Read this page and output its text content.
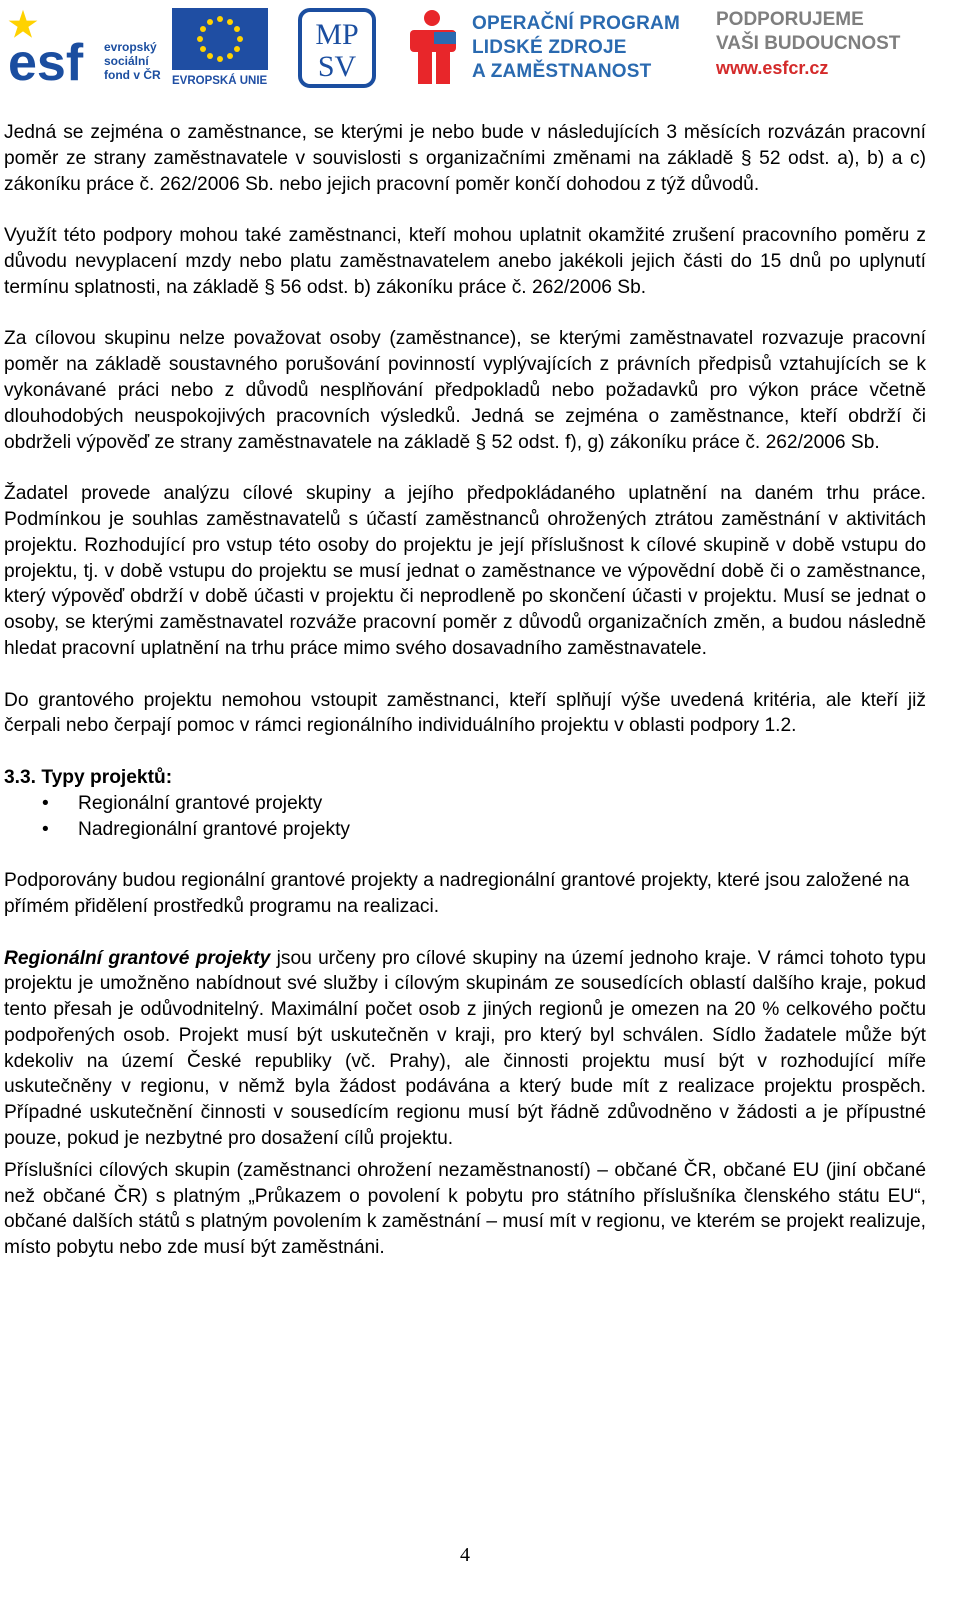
esf evropský
sociální
fond v ČR EVROPSKÁ UNIE
MP
SV
OPERAČNÍ PROGRAM
LIDSKÉ ZDROJE
A ZAMĚSTNANOST
PODPORUJEME
VAŠI BUDOUCNOST
www.esfcr.cz

Jedná se zejména o zaměstnance, se kterými je nebo bude v následujících 3 měsících rozvázán pracovní poměr ze strany zaměstnavatele v souvislosti s organizačními změnami na základě § 52 odst. a), b) a c) zákoníku práce č. 262/2006 Sb. nebo jejich pracovní poměr končí dohodou z týž důvodů.

Využít této podpory mohou také zaměstnanci, kteří mohou uplatnit okamžité zrušení pracovního poměru z důvodu nevyplacení mzdy nebo platu zaměstnavatelem anebo jakékoli jejich části do 15 dnů po uplynutí termínu splatnosti, na základě § 56 odst. b) zákoníku práce č. 262/2006 Sb.

Za cílovou skupinu nelze považovat osoby (zaměstnance), se kterými zaměstnavatel rozvazuje pracovní poměr na základě soustavného porušování povinností vyplývajících z právních předpisů vztahujících se k vykonávané práci nebo z důvodů nesplňování předpokladů nebo požadavků pro výkon práce včetně dlouhodobých neuspokojivých pracovních výsledků. Jedná se zejména o zaměstnance, kteří obdrží či obdrželi výpověď ze strany zaměstnavatele na základě § 52 odst. f), g) zákoníku práce č. 262/2006 Sb.

Žadatel provede analýzu cílové skupiny a jejího předpokládaného uplatnění na daném trhu práce. Podmínkou je souhlas zaměstnavatelů s účastí zaměstnanců ohrožených ztrátou zaměstnání v aktivitách projektu. Rozhodující pro vstup této osoby do projektu je její příslušnost k cílové skupině v době vstupu do projektu, tj. v době vstupu do projektu se musí jednat o zaměstnance ve výpovědní době či o zaměstnance, který výpověď obdrží v době účasti v projektu či neprodleně po skončení účasti v projektu. Musí se jednat o osoby, se kterými zaměstnavatel rozváže pracovní poměr z důvodů organizačních změn, a budou následně hledat pracovní uplatnění na trhu práce mimo svého dosavadního zaměstnavatele.

Do grantového projektu nemohou vstoupit zaměstnanci, kteří splňují výše uvedená kritéria, ale kteří již čerpali nebo čerpají pomoc v rámci regionálního individuálního projektu v oblasti podpory 1.2.

3.3. Typy projektů:

• Regionální grantové projekty
• Nadregionální grantové projekty

Podporovány budou regionální grantové projekty a nadregionální grantové projekty, které jsou založené na přímém přidělení prostředků programu na realizaci.

Regionální grantové projekty jsou určeny pro cílové skupiny na území jednoho kraje. V rámci tohoto typu projektu je umožněno nabídnout své služby i cílovým skupinám ze sousedících oblastí dalšího kraje, pokud tento přesah je odůvodnitelný. Maximální počet osob z jiných regionů je omezen na 20 % celkového počtu podpořených osob. Projekt musí být uskutečněn v kraji, pro který byl schválen. Sídlo žadatele může být kdekoliv na území České republiky (vč. Prahy), ale činnosti projektu musí být v rozhodující míře uskutečněny v regionu, v němž byla žádost podávána a který bude mít z realizace projektu prospěch. Případné uskutečnění činnosti v sousedícím regionu musí být řádně zdůvodněno v žádosti a je přípustné pouze, pokud je nezbytné pro dosažení cílů projektu.

Příslušníci cílových skupin (zaměstnanci ohrožení nezaměstnaností) – občané ČR, občané EU (jiní občané než občané ČR) s platným „Průkazem o povolení k pobytu pro státního příslušníka členského státu EU“, občané dalších států s platným povolením k zaměstnání – musí mít v regionu, ve kterém se projekt realizuje, místo pobytu nebo zde musí být zaměstnáni.

4
